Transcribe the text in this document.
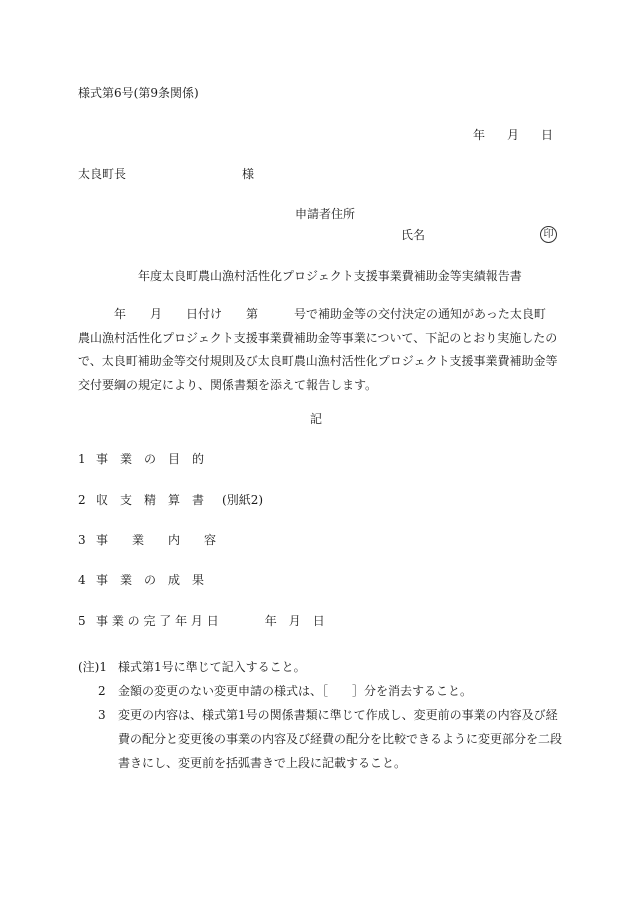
様式第6号(第9条関係)
年 月 日
太良町長	様
申請者住所
氏名	印
年度太良町農山漁村活性化プロジェクト支援事業費補助金等実績報告書
　　　年　　月　　日付け　　第　　　号で補助金等の交付決定の通知があった太良町
農山漁村活性化プロジェクト支援事業費補助金等事業について、下記のとおり実施したの
で、太良町補助金等交付規則及び太良町農山漁村活性化プロジェクト支援事業費補助金等
交付要綱の規定により、関係書類を添えて報告します。
記
1 事　業　の　目　的
2 収　支　精　算　書 (別紙2)
3 事　　業　　内　　容
4 事　業　の　成　果
5 事 業 の 完 了 年 月 日	年　月　日
(注)1 様式第1号に準じて記入すること。
2 金額の変更のない変更申請の様式は、［　　］分を消去すること。
3 変更の内容は、様式第1号の関係書類に準じて作成し、変更前の事業の内容及び経費の配分と変更後の事業の内容及び経費の配分を比較できるように変更部分を二段書きにし、変更前を括弧書きで上段に記載すること。
